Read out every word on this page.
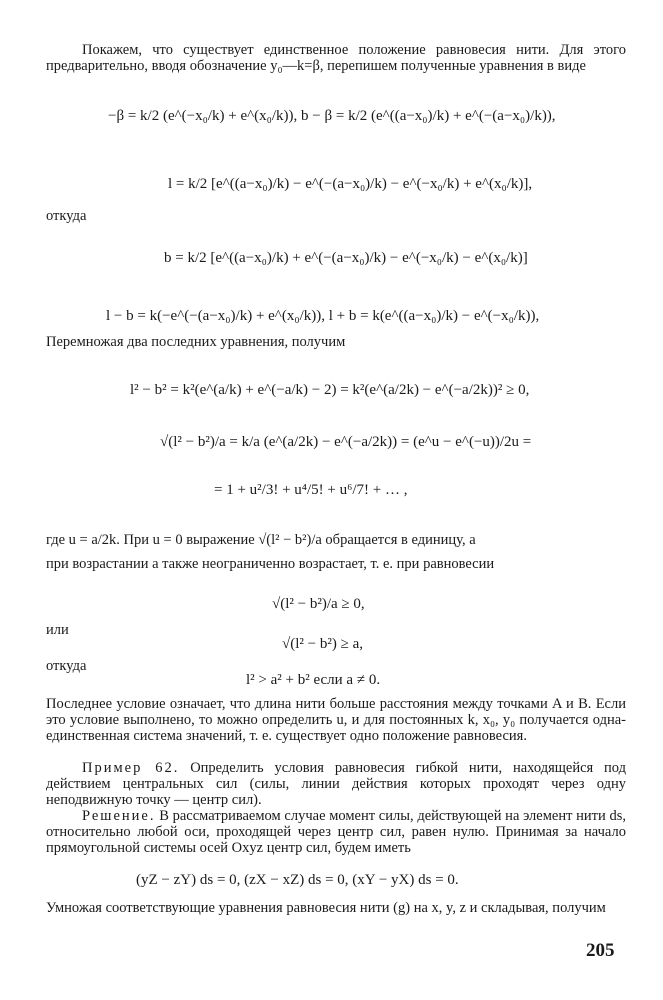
Покажем, что существует единственное положение равновесия нити. Для этого предварительно, вводя обозначение y₀—k=β, перепишем полученные уравнения в виде
−β = k/2 (e^(−x₀/k) + e^(x₀/k)), b − β = k/2 (e^((a−x₀)/k) + e^(−(a−x₀)/k)),
l = k/2 [e^((a−x₀)/k) − e^(−(a−x₀)/k) − e^(−x₀/k) + e^(x₀/k)],
откуда
b = k/2 [e^((a−x₀)/k) + e^(−(a−x₀)/k) − e^(−x₀/k) − e^(x₀/k)]
l − b = k(−e^(−(a−x₀)/k) + e^(x₀/k)), l + b = k(e^((a−x₀)/k) − e^(−x₀/k)),
Перемножая два последних уравнения, получим
l² − b² = k²(e^(a/k) + e^(−a/k) − 2) = k²(e^(a/2k) − e^(−a/2k))² ≥ 0,
√(l² − b²)/a = k/a (e^(a/2k) − e^(−a/2k)) = (e^u − e^(−u))/2u =
= 1 + u²/3! + u⁴/5! + u⁶/7! + … ,
где u = a/2k. При u = 0 выражение √(l² − b²)/a обращается в единицу, а
при возрастании a также неограниченно возрастает, т. е. при равновесии
√(l² − b²)/a ≥ 0,
или
√(l² − b²) ≥ a,
откуда
l² > a² + b² если a ≠ 0.
Последнее условие означает, что длина нити больше расстояния между точками A и B. Если это условие выполнено, то можно определить u, и для постоянных k, x₀, y₀ получается одна-единственная система значений, т. е. существует одно положение равновесия.
Пример 62. Определить условия равновесия гибкой нити, находящейся под действием центральных сил (силы, линии действия которых проходят через одну неподвижную точку — центр сил).
Решение. В рассматриваемом случае момент силы, действующей на элемент нити ds, относительно любой оси, проходящей через центр сил, равен нулю. Принимая за начало прямоугольной системы осей Oxyz центр сил, будем иметь
(yZ − zY) ds = 0, (zX − xZ) ds = 0, (xY − yX) ds = 0.
Умножая соответствующие уравнения равновесия нити (g) на x, y, z и складывая, получим
205
